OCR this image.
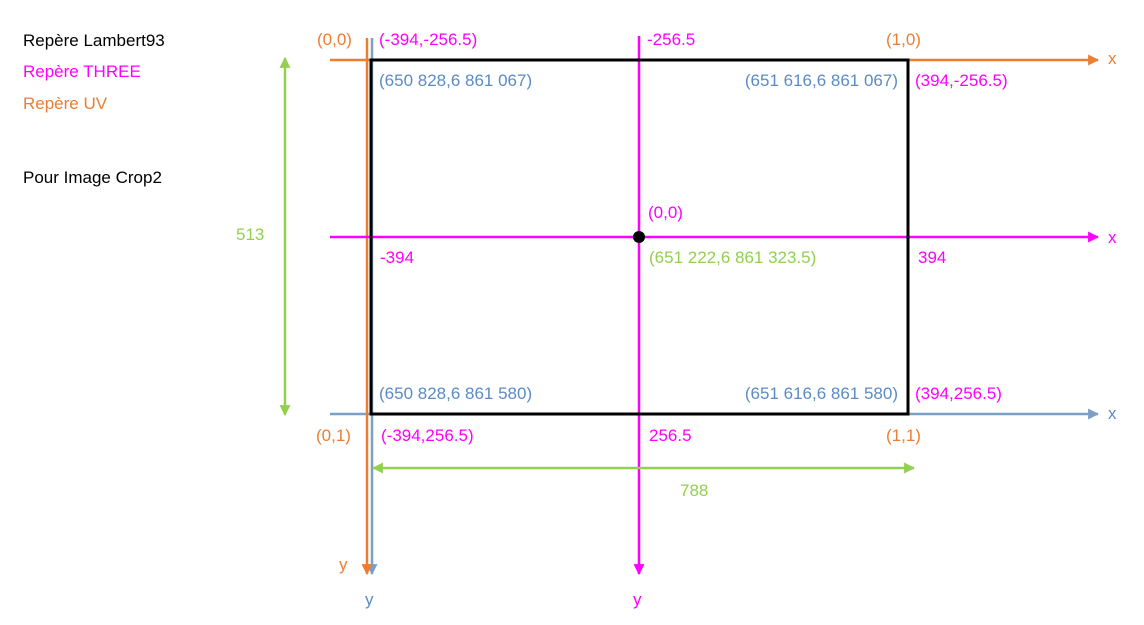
Repère Lambert93
Repère THREE
Repère UV
Pour Image Crop2
(0,0)	(1,0)
(0,1)	(1,1)
x
y
(-394,-256.5)	-256.5
(394,-256.5)
(0,0)
-394	394
x
(394,256.5)
(-394,256.5)	256.5
y
(650 828,6 861 067)	(651 616,6 861 067)
(650 828,6 861 580)	(651 616,6 861 580)
x
y
(651 222,6 861 323.5)
513
788
